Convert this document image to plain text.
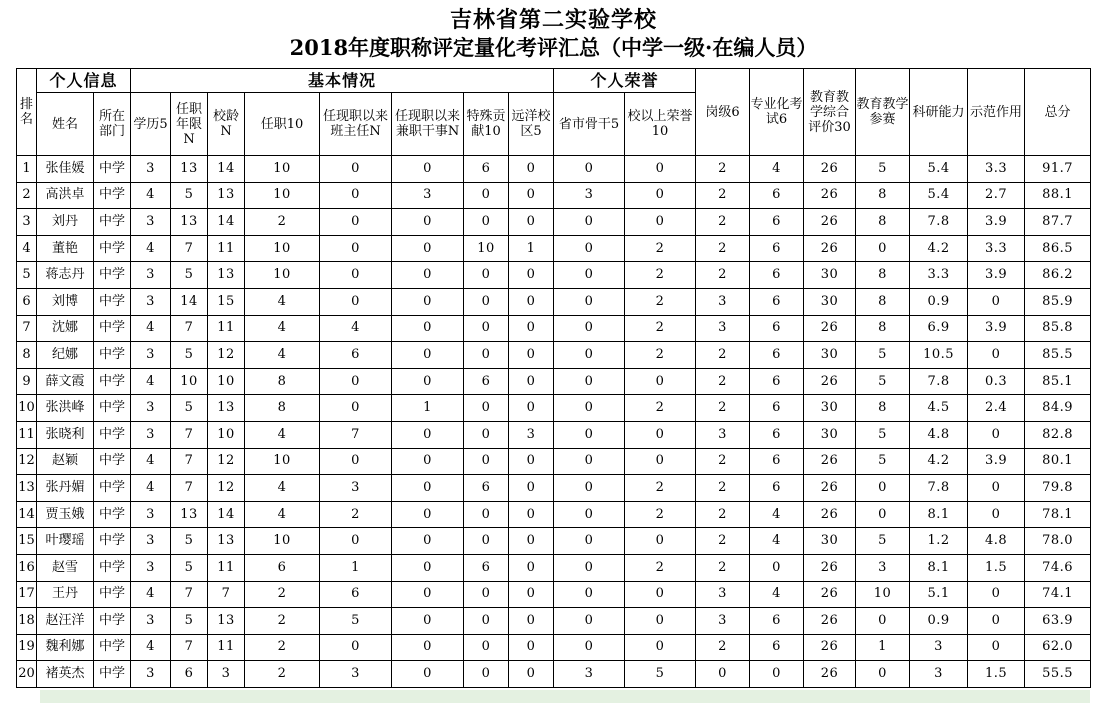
吉林省第二实验学校
2018年度职称评定量化考评汇总（中学一级·在编人员）
排名	个人信息		基本情况								个人荣誉		岗级6	专业化考试6	教育教学综合评价30	教育教学参赛	科研能力	示范作用	总分
	姓名	所在部门	学历5	任职年限N	校龄N	任职10	任现职以来班主任N	任现职以来兼职干事N	特殊贡献10	远洋校区5	省市骨干5	校以上荣誉10							
1	张佳媛	中学	3	13	14	10	0	0	6	0	0	0	2	4	26	5	5.4	3.3	91.7
2	高洪卓	中学	4	5	13	10	0	3	0	0	3	0	2	6	26	8	5.4	2.7	88.1
3	刘丹	中学	3	13	14	2	0	0	0	0	0	0	2	6	26	8	7.8	3.9	87.7
4	董艳	中学	4	7	11	10	0	0	10	1	0	2	2	6	26	0	4.2	3.3	86.5
5	蒋志丹	中学	3	5	13	10	0	0	0	0	0	2	2	6	30	8	3.3	3.9	86.2
6	刘博	中学	3	14	15	4	0	0	0	0	0	2	3	6	30	8	0.9	0	85.9
7	沈娜	中学	4	7	11	4	4	0	0	0	0	2	3	6	26	8	6.9	3.9	85.8
8	纪娜	中学	3	5	12	4	6	0	0	0	0	2	2	6	30	5	10.5	0	85.5
9	薛文霞	中学	4	10	10	8	0	0	6	0	0	0	2	6	26	5	7.8	0.3	85.1
10	张洪峰	中学	3	5	13	8	0	1	0	0	0	2	2	6	30	8	4.5	2.4	84.9
11	张晓利	中学	3	7	10	4	7	0	0	3	0	0	3	6	30	5	4.8	0	82.8
12	赵颖	中学	4	7	12	10	0	0	0	0	0	0	2	6	26	5	4.2	3.9	80.1
13	张丹媚	中学	4	7	12	4	3	0	6	0	0	2	2	6	26	0	7.8	0	79.8
14	贾玉娥	中学	3	13	14	4	2	0	0	0	0	2	2	4	26	0	8.1	0	78.1
15	叶璎瑶	中学	3	5	13	10	0	0	0	0	0	0	2	4	30	5	1.2	4.8	78.0
16	赵雪	中学	3	5	11	6	1	0	6	0	0	2	2	0	26	3	8.1	1.5	74.6
17	王丹	中学	4	7	7	2	6	0	0	0	0	0	3	4	26	10	5.1	0	74.1
18	赵汪洋	中学	3	5	13	2	5	0	0	0	0	0	3	6	26	0	0.9	0	63.9
19	魏利娜	中学	4	7	11	2	0	0	0	0	0	0	2	6	26	1	3	0	62.0
20	褚英杰	中学	3	6	3	2	3	0	0	0	3	5	0	0	26	0	3	1.5	55.5
